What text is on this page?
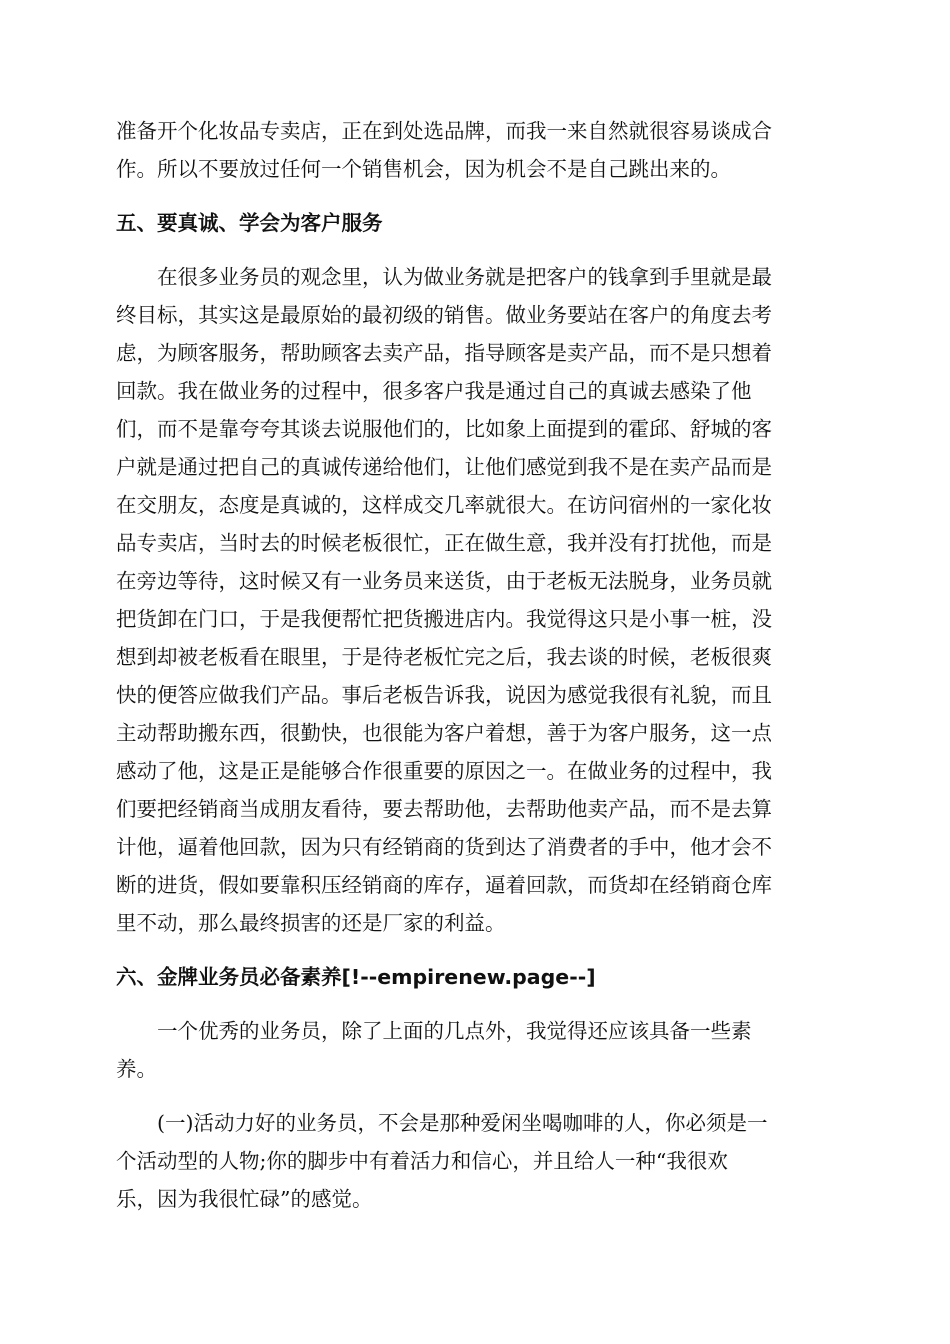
准备开个化妆品专卖店，正在到处选品牌，而我一来自然就很容易谈成合
作。所以不要放过任何一个销售机会，因为机会不是自己跳出来的。

五、要真诚、学会为客户服务

在很多业务员的观念里，认为做业务就是把客户的钱拿到手里就是最
终目标，其实这是最原始的最初级的销售。做业务要站在客户的角度去考
虑，为顾客服务，帮助顾客去卖产品，指导顾客是卖产品，而不是只想着
回款。我在做业务的过程中，很多客户我是通过自己的真诚去感染了他
们，而不是靠夸夸其谈去说服他们的，比如象上面提到的霍邱、舒城的客
户就是通过把自己的真诚传递给他们，让他们感觉到我不是在卖产品而是
在交朋友，态度是真诚的，这样成交几率就很大。在访问宿州的一家化妆
品专卖店，当时去的时候老板很忙，正在做生意，我并没有打扰他，而是
在旁边等待，这时候又有一业务员来送货，由于老板无法脱身，业务员就
把货卸在门口，于是我便帮忙把货搬进店内。我觉得这只是小事一桩，没
想到却被老板看在眼里，于是待老板忙完之后，我去谈的时候，老板很爽
快的便答应做我们产品。事后老板告诉我，说因为感觉我很有礼貌，而且
主动帮助搬东西，很勤快，也很能为客户着想，善于为客户服务，这一点
感动了他，这是正是能够合作很重要的原因之一。在做业务的过程中，我
们要把经销商当成朋友看待，要去帮助他，去帮助他卖产品，而不是去算
计他，逼着他回款，因为只有经销商的货到达了消费者的手中，他才会不
断的进货，假如要靠积压经销商的库存，逼着回款，而货却在经销商仓库
里不动，那么最终损害的还是厂家的利益。

六、金牌业务员必备素养[!--empirenew.page--]

一个优秀的业务员，除了上面的几点外，我觉得还应该具备一些素
养。

(一)活动力好的业务员，不会是那种爱闲坐喝咖啡的人，你必须是一
个活动型的人物;你的脚步中有着活力和信心，并且给人一种“我很欢
乐，因为我很忙碌”的感觉。
